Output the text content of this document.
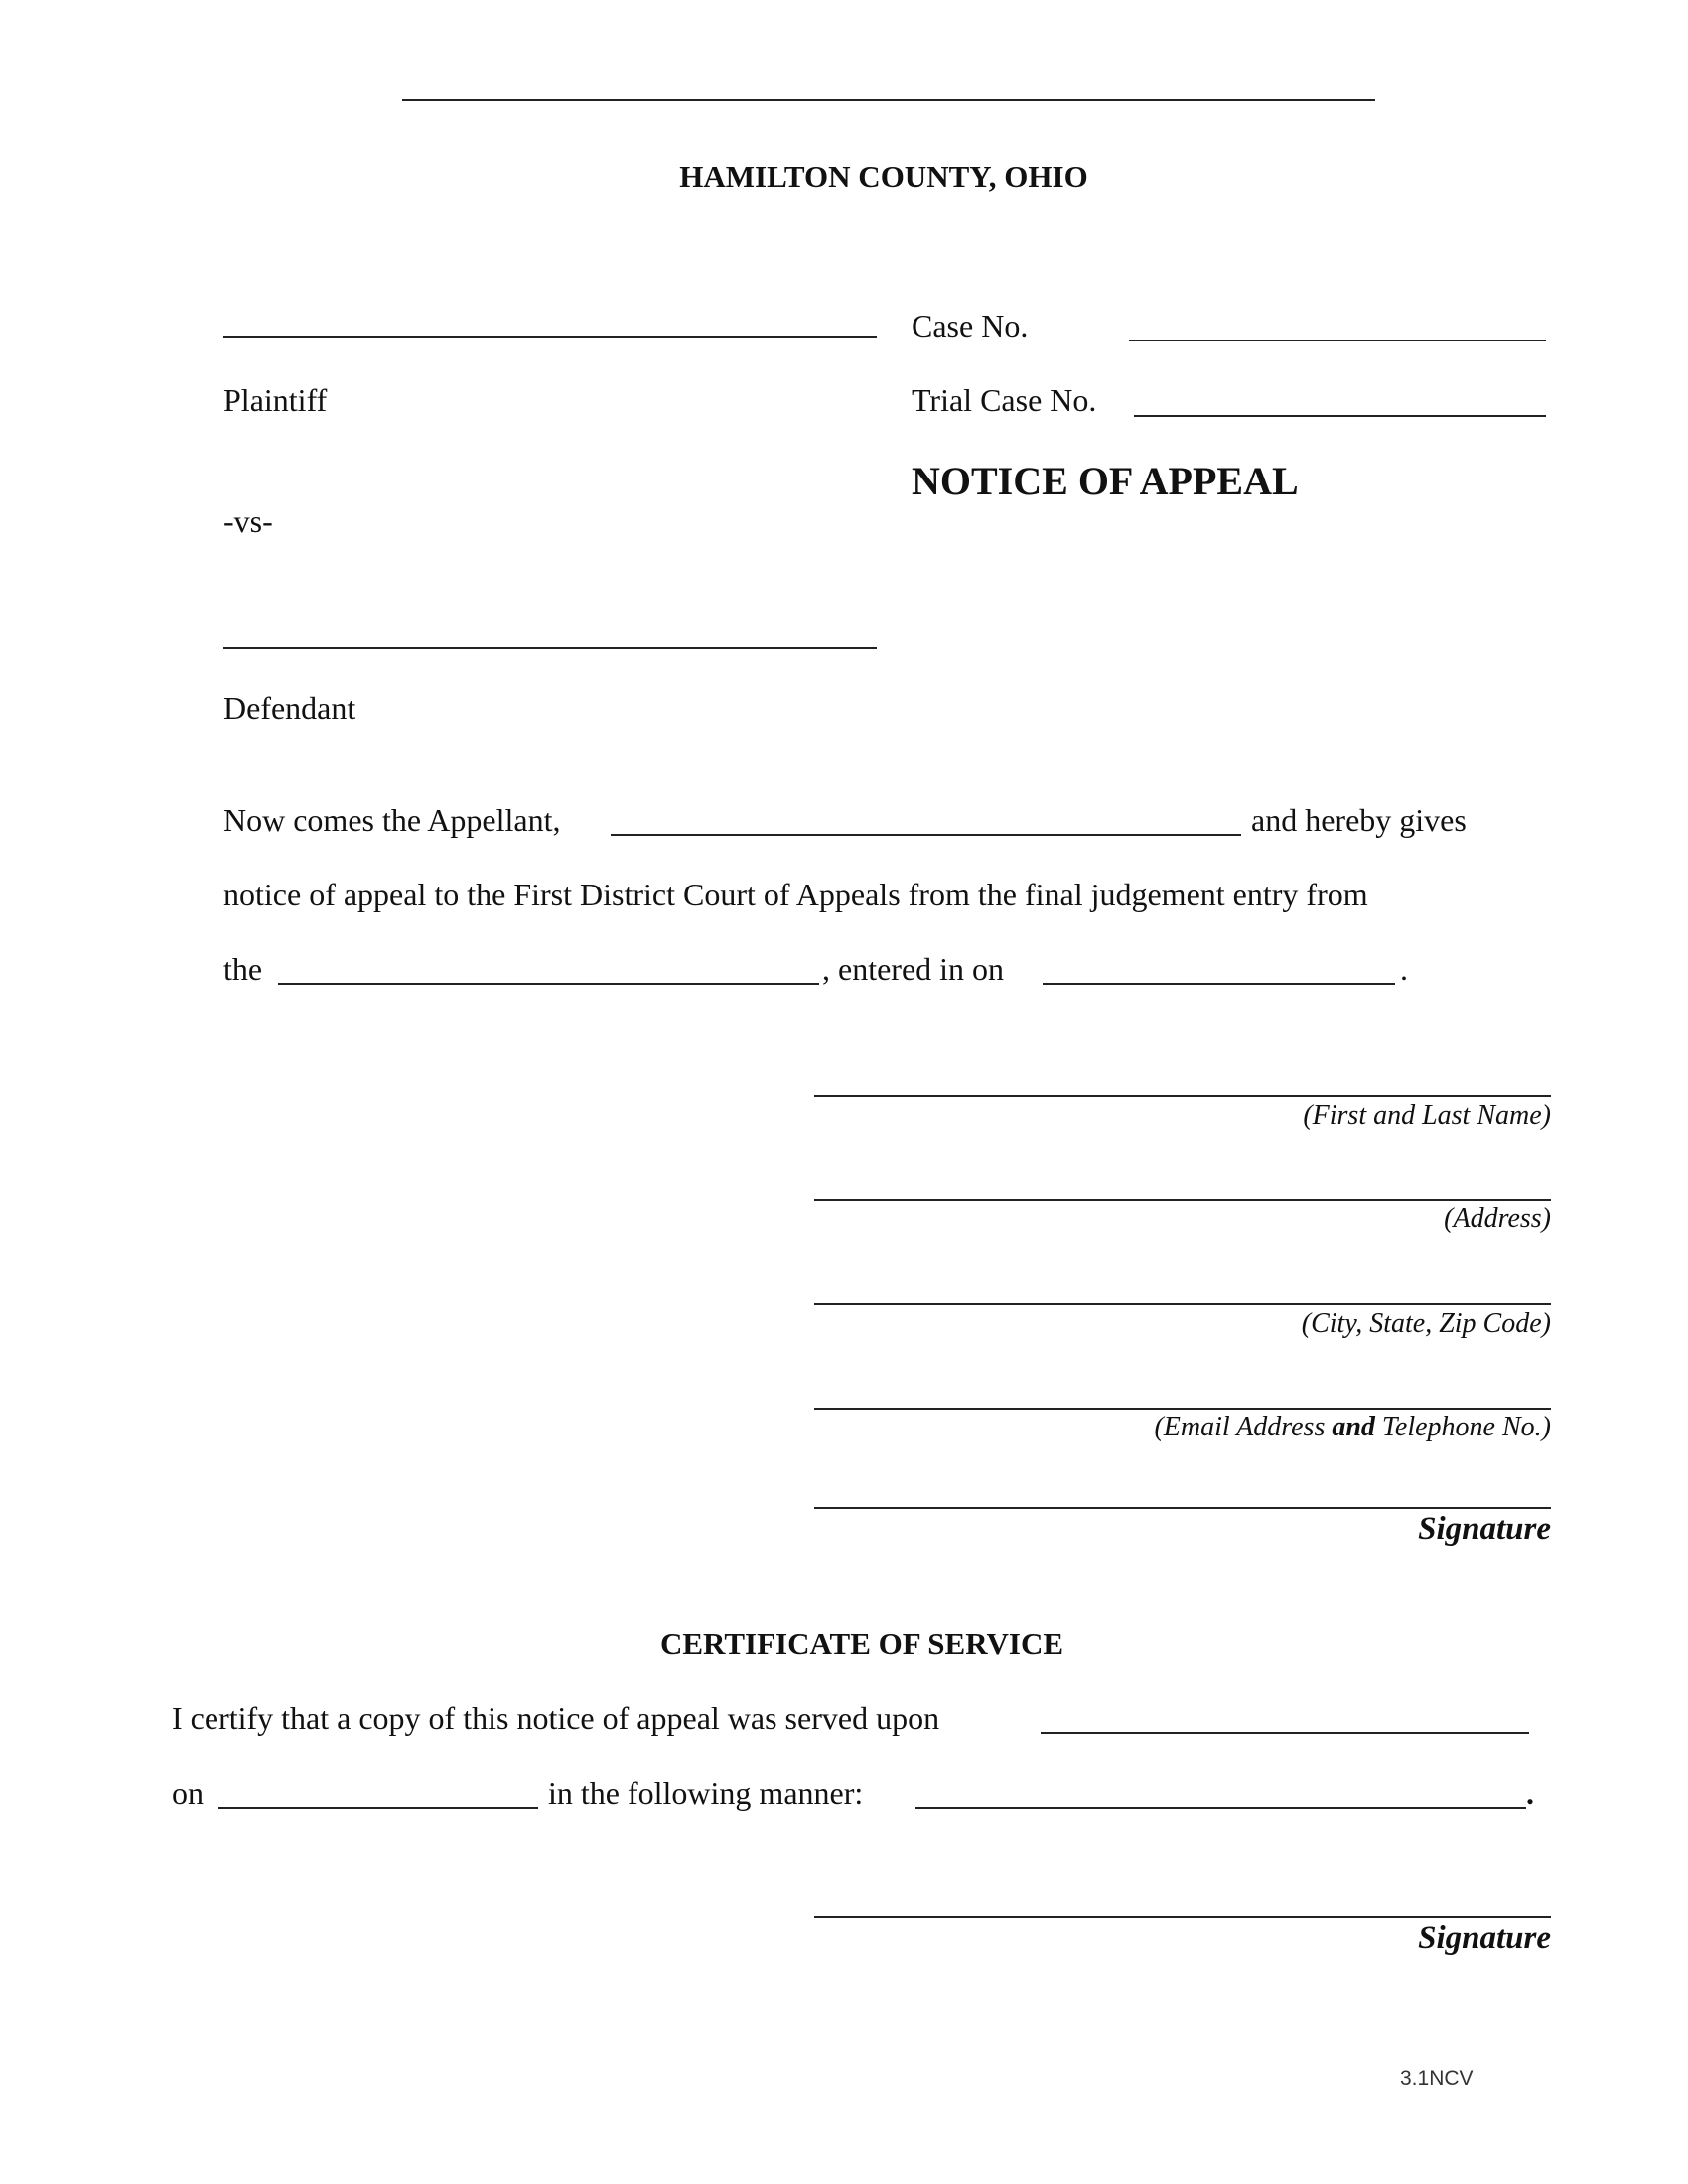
HAMILTON COUNTY, OHIO
Plaintiff
-vs-
Defendant
Case No.
Trial Case No.
NOTICE OF APPEAL
Now comes the Appellant,	and hereby gives
notice of appeal to the First District Court of Appeals from the final judgement entry from
the	, entered in on	.
(First and Last Name)
(Address)
(City, State, Zip Code)
(Email Address and Telephone No.)
Signature
CERTIFICATE OF SERVICE
I certify that a copy of this notice of appeal was served upon
on	in the following manner:	.
Signature
3.1NCV
